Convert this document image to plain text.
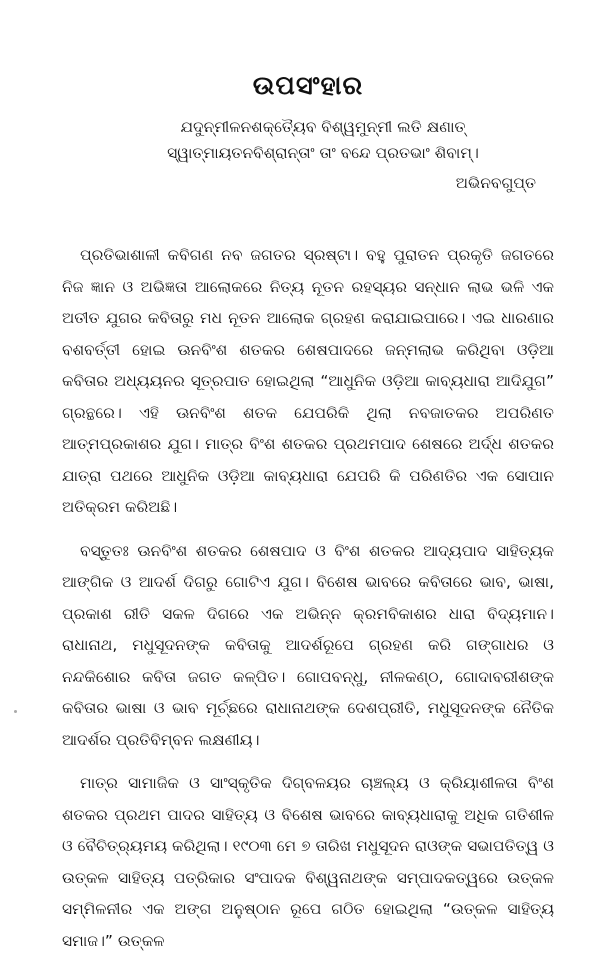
ଉପସଂହାର

ଯଦୁନ୍ମୀଳନଶକ୍ତ୍ୟୈବ ବିଶ୍ୱମୁନ୍ମୀ ଲତି କ୍ଷଣାତ୍

ସ୍ୱାତ୍ମାୟତନବିଶ୍ରାନ୍ତାଂ ତାଂ ବନ୍ଦେ ପ୍ରତଭାଂ ଶିବାମ୍।

ଅଭିନବଗୁପ୍ତ

ପ୍ରତିଭାଶାଳୀ କବିଗଣ ନବ ଜଗତର ସ୍ରଷ୍ଟା। ବହୁ ପୁରାତନ ପ୍ରକୃତି ଜଗତରେ ନିଜ ଜ୍ଞାନ ଓ ଅଭିଜ୍ଞତା ଆଲୋକରେ ନିତ୍ୟ ନୂତନ ରହସ୍ୟର ସନ୍ଧାନ ଲାଭ ଭଳି ଏକ ଅତୀତ ଯୁଗର କବିତାରୁ ମଧ ନୂତନ ଆଲୋକ ଗ୍ରହଣ କରାଯାଇପାରେ। ଏଇ ଧାରଣାର ବଶବର୍ତ୍ତୀ ହୋଇ ଊନବିଂଶ ଶତକର ଶେଷପାଦରେ ଜନ୍ମଲାଭ କରିଥିବା ଓଡ଼ିଆ କବିତାର ଅଧ୍ୟୟନର ସୂତ୍ରପାତ ହୋଇଥିଲା “ଆଧୁନିକ ଓଡ଼ିଆ କାବ୍ୟଧାରା ଆଦିଯୁଗ” ଗ୍ରନ୍ଥରେ। ଏହି ଊନବିଂଶ ଶତକ ଯେପରିକି ଥିଲା ନବଜାତକର ଅପରିଣତ ଆତ୍ମପ୍ରକାଶର ଯୁଗ। ମାତ୍ର ବିଂଶ ଶତକର ପ୍ରଥମପାଦ ଶେଷରେ ଅର୍ଦ୍ଧ ଶତକର ଯାତ୍ରା ପଥରେ ଆଧୁନିକ ଓଡ଼ିଆ କାବ୍ୟଧାରା ଯେପରି କି ପରିଣତିର ଏକ ସୋପାନ ଅତିକ୍ରମ କରିଅଛି।

ବସ୍ତୁତଃ ଊନବିଂଶ ଶତକର ଶେଷପାଦ ଓ ବିଂଶ ଶତକର ଆଦ୍ୟପାଦ ସାହିତ୍ୟକ ଆଙ୍ଗିକ ଓ ଆଦର୍ଶ ଦିଗରୁ ଗୋଟିଏ ଯୁଗ। ବିଶେଷ ଭାବରେ କବିତାରେ ଭାବ, ଭାଷା, ପ୍ରକାଶ ରୀତି ସକଳ ଦିଗରେ ଏକ ଅଭିନ୍ନ କ୍ରମବିକାଶର ଧାରା ବିଦ୍ୟମାନ। ରାଧାନାଥ, ମଧୁସୂଦନଙ୍କ କବିତାକୁ ଆଦର୍ଶରୂପେ ଗ୍ରହଣ କରି ଗଙ୍ଗାଧର ଓ ନନ୍ଦକିଶୋର କବିତା ଜଗତ କଳ୍ପିତ। ଗୋପବନ୍ଧୁ, ନୀଳକଣ୍ଠ, ଗୋଦାବରୀଶଙ୍କ କବିତାର ଭାଷା ଓ ଭାବ ମୂର୍ଚ୍ଛରେ ରାଧାନାଥଙ୍କ ଦେଶପ୍ରୀତି, ମଧୁସୂଦନଙ୍କ ନୈତିକ ଆଦର୍ଶର ପ୍ରତିବିମ୍ବନ ଲକ୍ଷଣୀୟ।

ମାତ୍ର ସାମାଜିକ ଓ ସାଂସ୍କୃତିକ ଦିଗ୍‌ବଳୟର ଚାଞ୍ଚଲ୍ୟ ଓ କ୍ରିୟାଶୀଳତା ବିଂଶ ଶତକର ପ୍ରଥମ ପାଦର ସାହିତ୍ୟ ଓ ବିଶେଷ ଭାବରେ କାବ୍ୟଧାରାକୁ ଅଧିକ ଗତିଶୀଳ ଓ ବୈଚିତ୍ର୍ୟମୟ କରିଥିଲା। ୧୯୦୩ ମେ ୭ ତାରିଖ ମଧୁସୂଦନ ରାଓଙ୍କ ସଭାପତିତ୍ୱ ଓ ଉତ୍କଳ ସାହିତ୍ୟ ପତ୍ରିକାର ସଂପାଦକ ବିଶ୍ୱନାଥଙ୍କ ସମ୍ପାଦକତ୍ୱରେ ଉତ୍କଳ ସମ୍ମିଳନୀର ଏକ ଅଙ୍ଗ ଅନୁଷ୍ଠାନ ରୂପେ ଗଠିତ ହୋଇଥିଲା “ଉତ୍କଳ ସାହିତ୍ୟ ସମାଜ।” ଉତ୍କଳ
